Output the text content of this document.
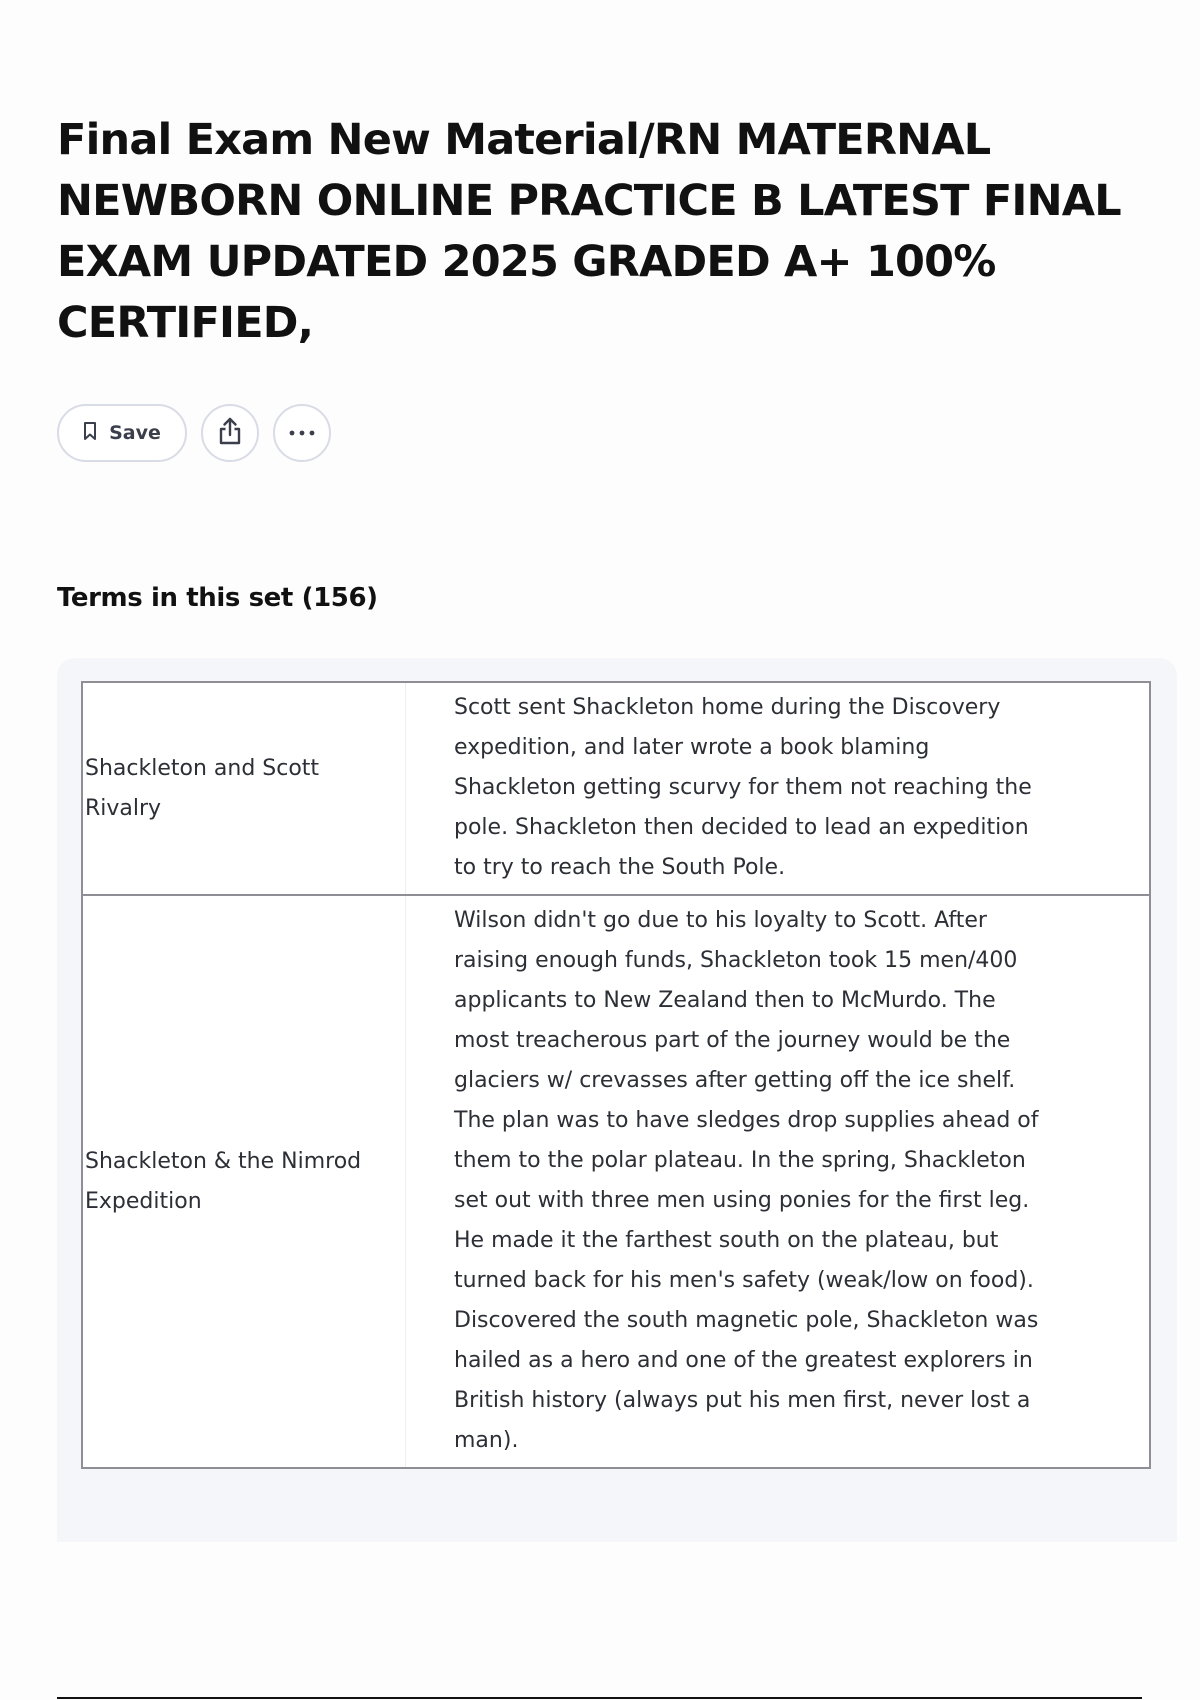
Final Exam New Material/RN MATERNAL NEWBORN ONLINE PRACTICE B LATEST FINAL EXAM UPDATED 2025 GRADED A+ 100% CERTIFIED,
Save
Terms in this set (156)
Shackleton and Scott Rivalry	Scott sent Shackleton home during the Discovery expedition, and later wrote a book blaming Shackleton getting scurvy for them not reaching the pole. Shackleton then decided to lead an expedition to try to reach the South Pole.

Shackleton & the Nimrod Expedition	Wilson didn't go due to his loyalty to Scott. After raising enough funds, Shackleton took 15 men/400 applicants to New Zealand then to McMurdo. The most treacherous part of the journey would be the glaciers w/ crevasses after getting off the ice shelf. The plan was to have sledges drop supplies ahead of them to the polar plateau. In the spring, Shackleton set out with three men using ponies for the first leg. He made it the farthest south on the plateau, but turned back for his men's safety (weak/low on food). Discovered the south magnetic pole, Shackleton was hailed as a hero and one of the greatest explorers in British history (always put his men first, never lost a man).
